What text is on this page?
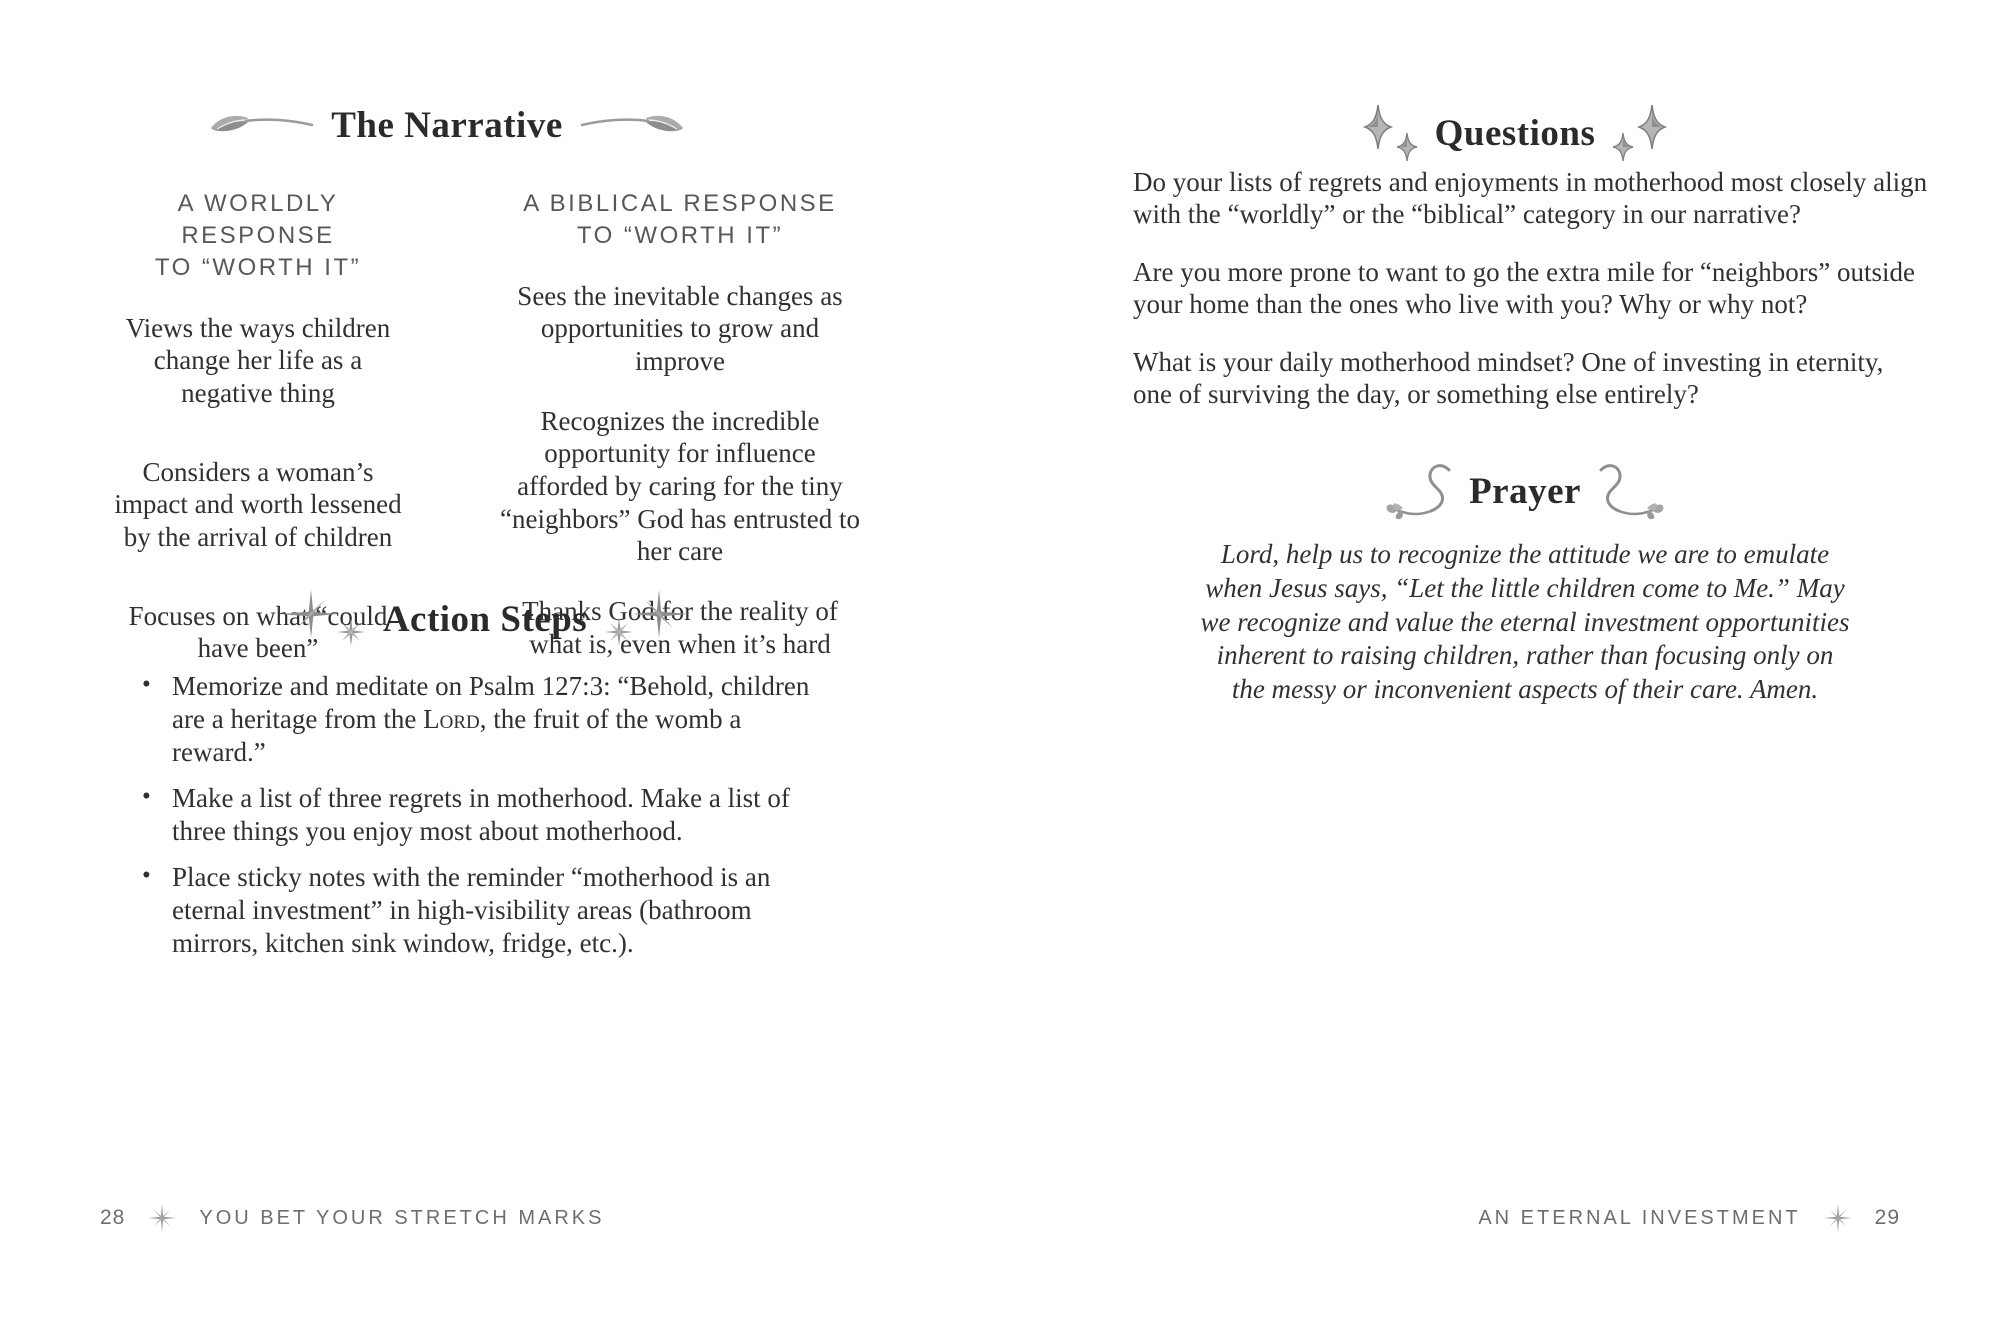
The Narrative
A WORLDLY RESPONSE
TO “WORTH IT”
Views the ways children change her life as a negative thing
Considers a woman’s impact and worth lessened by the arrival of children
Focuses on what “could have been”
A BIBLICAL RESPONSE
TO “WORTH IT”
Sees the inevitable changes as opportunities to grow and improve
Recognizes the incredible opportunity for influence afforded by caring for the tiny “neighbors” God has entrusted to her care
Thanks God for the reality of what is, even when it’s hard
Action Steps
• Memorize and meditate on Psalm 127:3: “Behold, children are a heritage from the Lord, the fruit of the womb a reward.”
• Make a list of three regrets in motherhood. Make a list of three things you enjoy most about motherhood.
• Place sticky notes with the reminder “motherhood is an eternal investment” in high-visibility areas (bathroom mirrors, kitchen sink window, fridge, etc.).
28	YOU BET YOUR STRETCH MARKS
Questions

Do your lists of regrets and enjoyments in motherhood most closely align with the “worldly” or the “biblical” category in our narrative?

Are you more prone to want to go the extra mile for “neighbors” outside your home than the ones who live with you? Why or why not?

What is your daily motherhood mindset? One of investing in eternity, one of surviving the day, or something else entirely?

Prayer
Lord, help us to recognize the attitude we are to emulate
when Jesus says, “Let the little children come to Me.” May
we recognize and value the eternal investment opportunities
inherent to raising children, rather than focusing only on
the messy or inconvenient aspects of their care. Amen.
AN ETERNAL INVESTMENT	29
